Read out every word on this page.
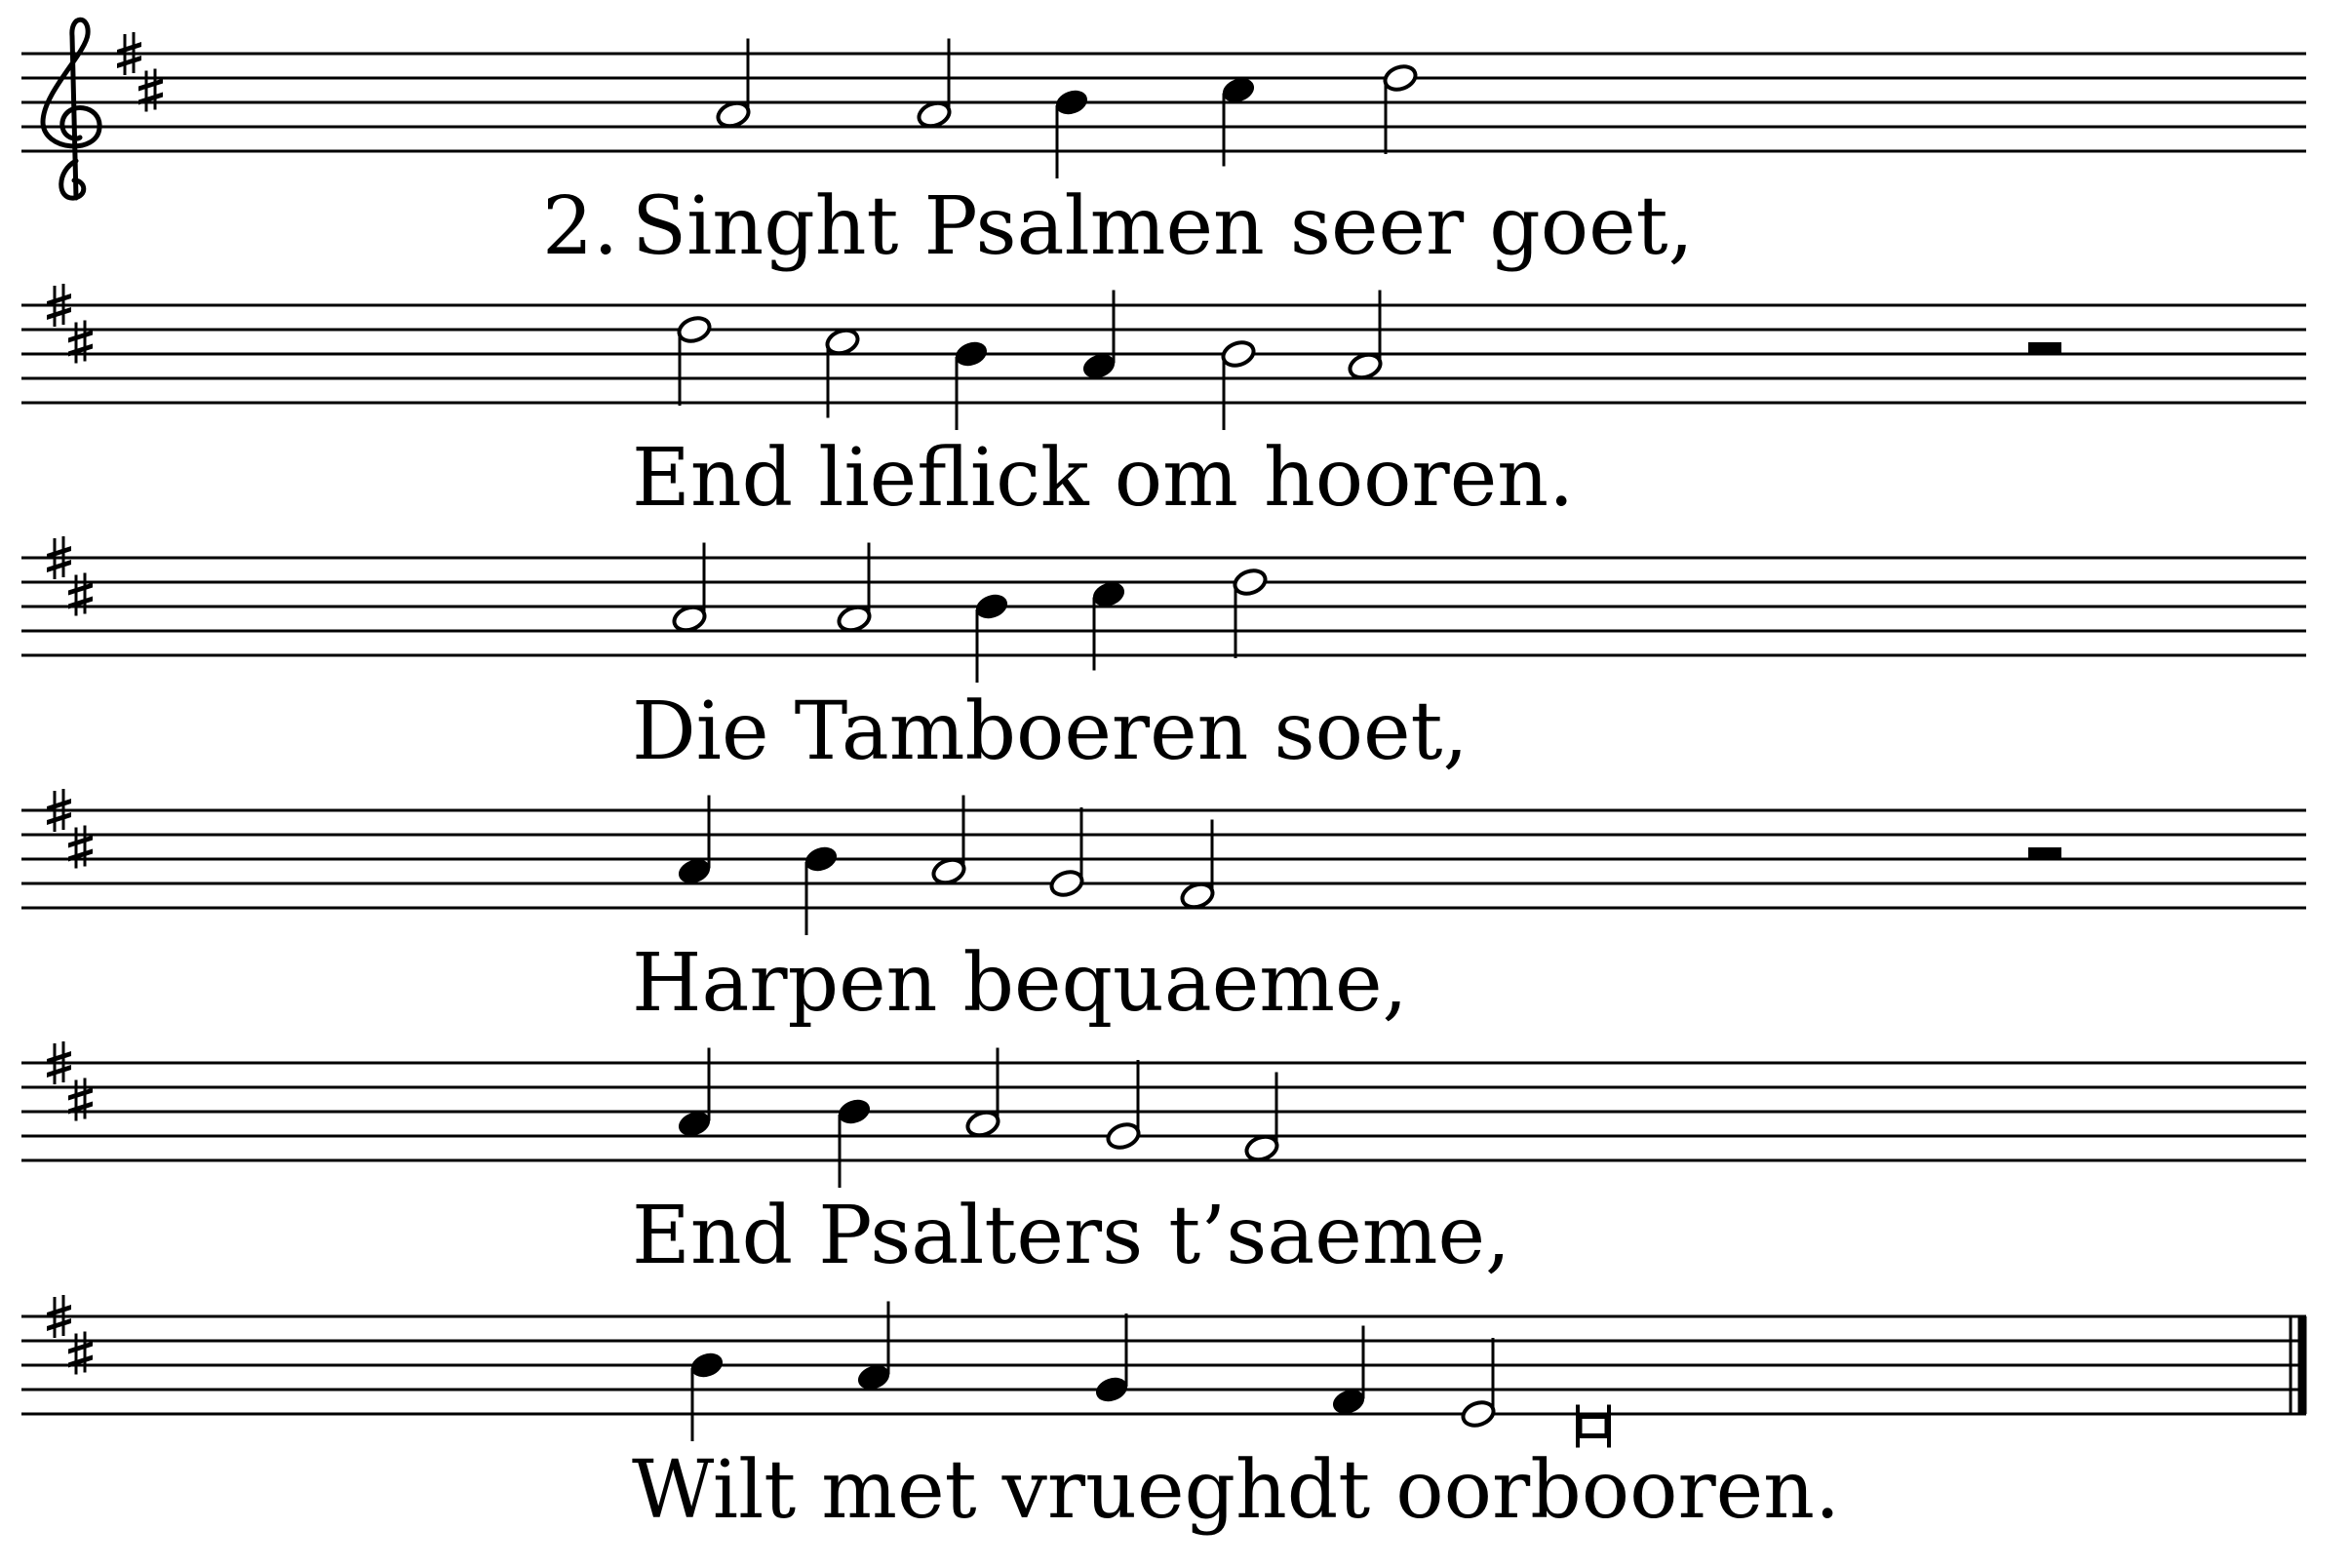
2. Singht Psalmen seer goet,
End lieflick om hooren.
Die Tamboeren soet,
Harpen bequaeme,
End Psalters t’saeme,
Wilt met vrueghdt oorbooren.
